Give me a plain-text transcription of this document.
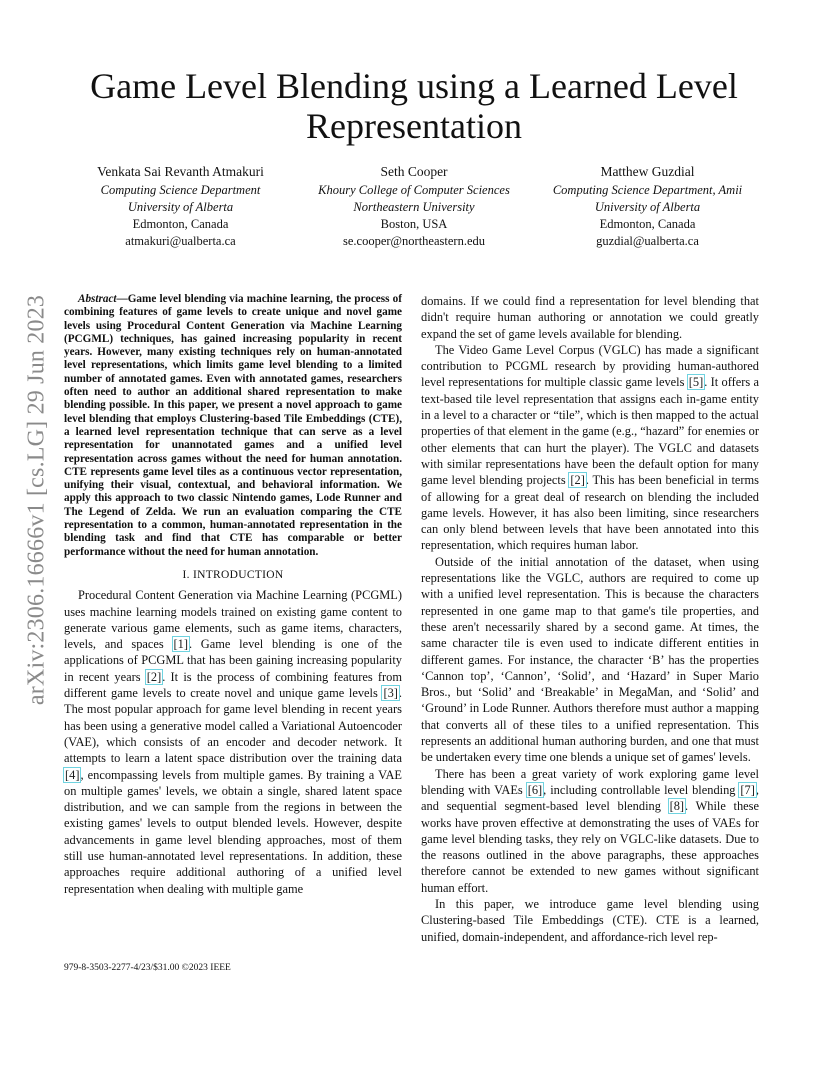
arXiv:2306.16666v1 [cs.LG] 29 Jun 2023
Game Level Blending using a Learned Level Representation
Venkata Sai Revanth Atmakuri
Computing Science Department
University of Alberta
Edmonton, Canada
atmakuri@ualberta.ca
Seth Cooper
Khoury College of Computer Sciences
Northeastern University
Boston, USA
se.cooper@northeastern.edu
Matthew Guzdial
Computing Science Department, Amii
University of Alberta
Edmonton, Canada
guzdial@ualberta.ca

Abstract—Game level blending via machine learning, the process of combining features of game levels to create unique and novel game levels using Procedural Content Generation via Machine Learning (PCGML) techniques, has gained increasing popularity in recent years. However, many existing techniques rely on human-annotated level representations, which limits game level blending to a limited number of annotated games. Even with annotated games, researchers often need to author an additional shared representation to make blending possible. In this paper, we present a novel approach to game level blending that employs Clustering-based Tile Embeddings (CTE), a learned level representation technique that can serve as a level representation for unannotated games and a unified level representation across games without the need for human annotation. CTE represents game level tiles as a continuous vector representation, unifying their visual, contextual, and behavioral information. We apply this approach to two classic Nintendo games, Lode Runner and The Legend of Zelda. We run an evaluation comparing the CTE representation to a common, human-annotated representation in the blending task and find that CTE has comparable or better performance without the need for human annotation.

I. INTRODUCTION

Procedural Content Generation via Machine Learning (PCGML) uses machine learning models trained on existing game content to generate various game elements, such as game items, characters, levels, and spaces [1]. Game level blending is one of the applications of PCGML that has been gaining increasing popularity in recent years [2]. It is the process of combining features from different game levels to create novel and unique game levels [3]. The most popular approach for game level blending in recent years has been using a generative model called a Variational Autoencoder (VAE), which consists of an encoder and decoder network. It attempts to learn a latent space distribution over the training data [4], encompassing levels from multiple games. By training a VAE on multiple games' levels, we obtain a single, shared latent space distribution, and we can sample from the regions in between the existing games' levels to output blended levels. However, despite advancements in game level blending approaches, most of them still use human-annotated level representations. In addition, these approaches require additional authoring of a unified level representation when dealing with multiple game

domains. If we could find a representation for level blending that didn't require human authoring or annotation we could greatly expand the set of game levels available for blending.

The Video Game Level Corpus (VGLC) has made a significant contribution to PCGML research by providing human-authored level representations for multiple classic game levels [5]. It offers a text-based tile level representation that assigns each in-game entity in a level to a character or “tile”, which is then mapped to the actual properties of that element in the game (e.g., “hazard” for enemies or other elements that can hurt the player). The VGLC and datasets with similar representations have been the default option for many game level blending projects [2]. This has been beneficial in terms of allowing for a great deal of research on blending the included game levels. However, it has also been limiting, since researchers can only blend between levels that have been annotated into this representation, which requires human labor.

Outside of the initial annotation of the dataset, when using representations like the VGLC, authors are required to come up with a unified level representation. This is because the characters represented in one game map to that game's tile properties, and these aren't necessarily shared by a second game. At times, the same character tile is even used to indicate different entities in different games. For instance, the character ‘B’ has the properties ‘Cannon top’, ‘Cannon’, ‘Solid’, and ‘Hazard’ in Super Mario Bros., but ‘Solid’ and ‘Breakable’ in MegaMan, and ‘Solid’ and ‘Ground’ in Lode Runner. Authors therefore must author a mapping that converts all of these tiles to a unified representation. This represents an additional human authoring burden, and one that must be undertaken every time one blends a unique set of games' levels.

There has been a great variety of work exploring game level blending with VAEs [6], including controllable level blending [7], and sequential segment-based level blending [8]. While these works have proven effective at demonstrating the uses of VAEs for game level blending tasks, they rely on VGLC-like datasets. Due to the reasons outlined in the above paragraphs, these approaches therefore cannot be extended to new games without significant human effort.

In this paper, we introduce game level blending using Clustering-based Tile Embeddings (CTE). CTE is a learned, unified, domain-independent, and affordance-rich level rep-

979-8-3503-2277-4/23/$31.00 ©2023 IEEE
